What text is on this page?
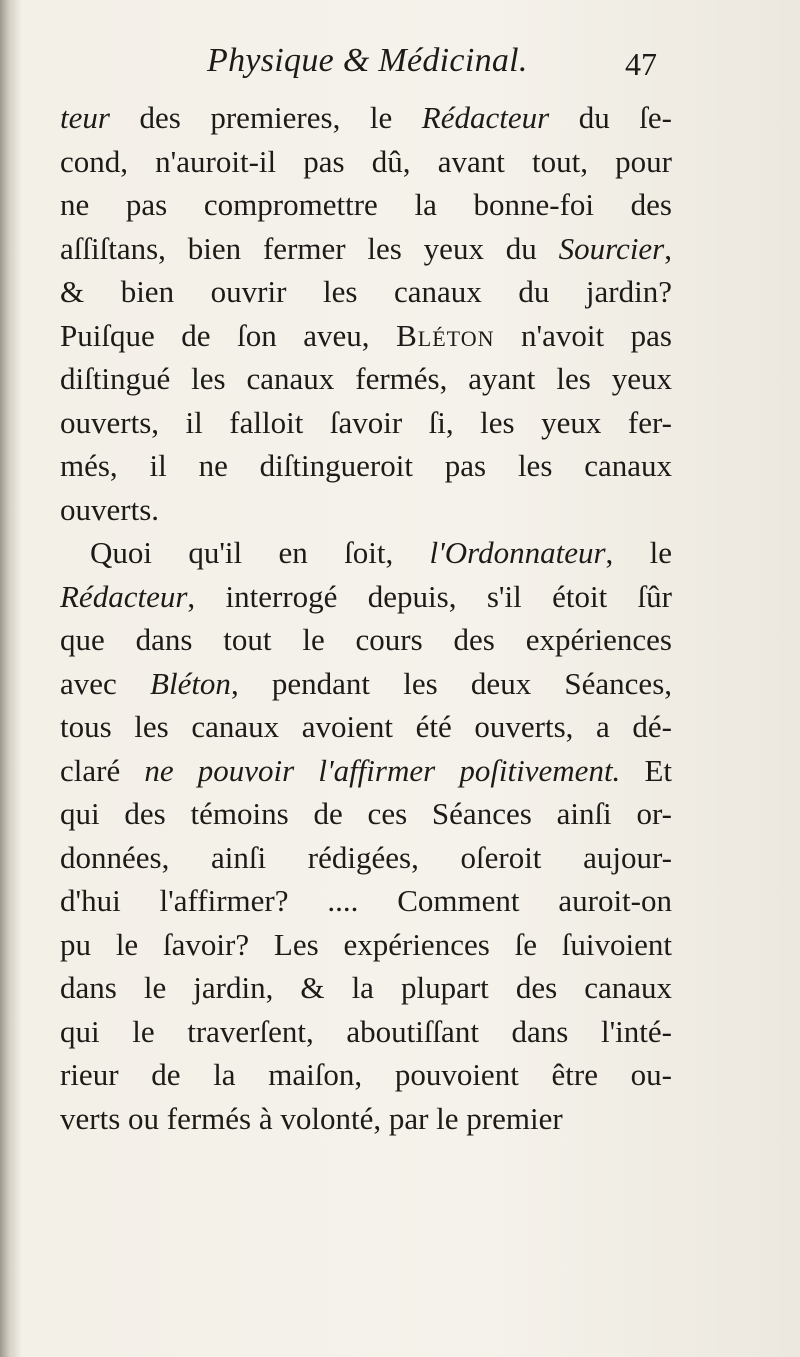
Physique & Médicinal.	47
teur des premieres, le Rédacteur du ſe-
cond, n'auroit-il pas dû, avant tout, pour
ne pas compromettre la bonne-foi des
aſſiſtans, bien fermer les yeux du Sourcier,
& bien ouvrir les canaux du jardin?
Puiſque de ſon aveu, Bléton n'avoit pas
diſtingué les canaux fermés, ayant les yeux
ouverts, il falloit ſavoir ſi, les yeux fer-
més, il ne diſtingueroit pas les canaux
ouverts.
Quoi qu'il en ſoit, l'Ordonnateur, le
Rédacteur, interrogé depuis, s'il étoit ſûr
que dans tout le cours des expériences
avec Bléton, pendant les deux Séances,
tous les canaux avoient été ouverts, a dé-
claré ne pouvoir l'affirmer poſitivement. Et
qui des témoins de ces Séances ainſi or-
données, ainſi rédigées, oſeroit aujour-
d'hui l'affirmer? .... Comment auroit-on
pu le ſavoir? Les expériences ſe ſuivoient
dans le jardin, & la plupart des canaux
qui le traverſent, aboutiſſant dans l'inté-
rieur de la maiſon, pouvoient être ou-
verts ou fermés à volonté, par le premier
